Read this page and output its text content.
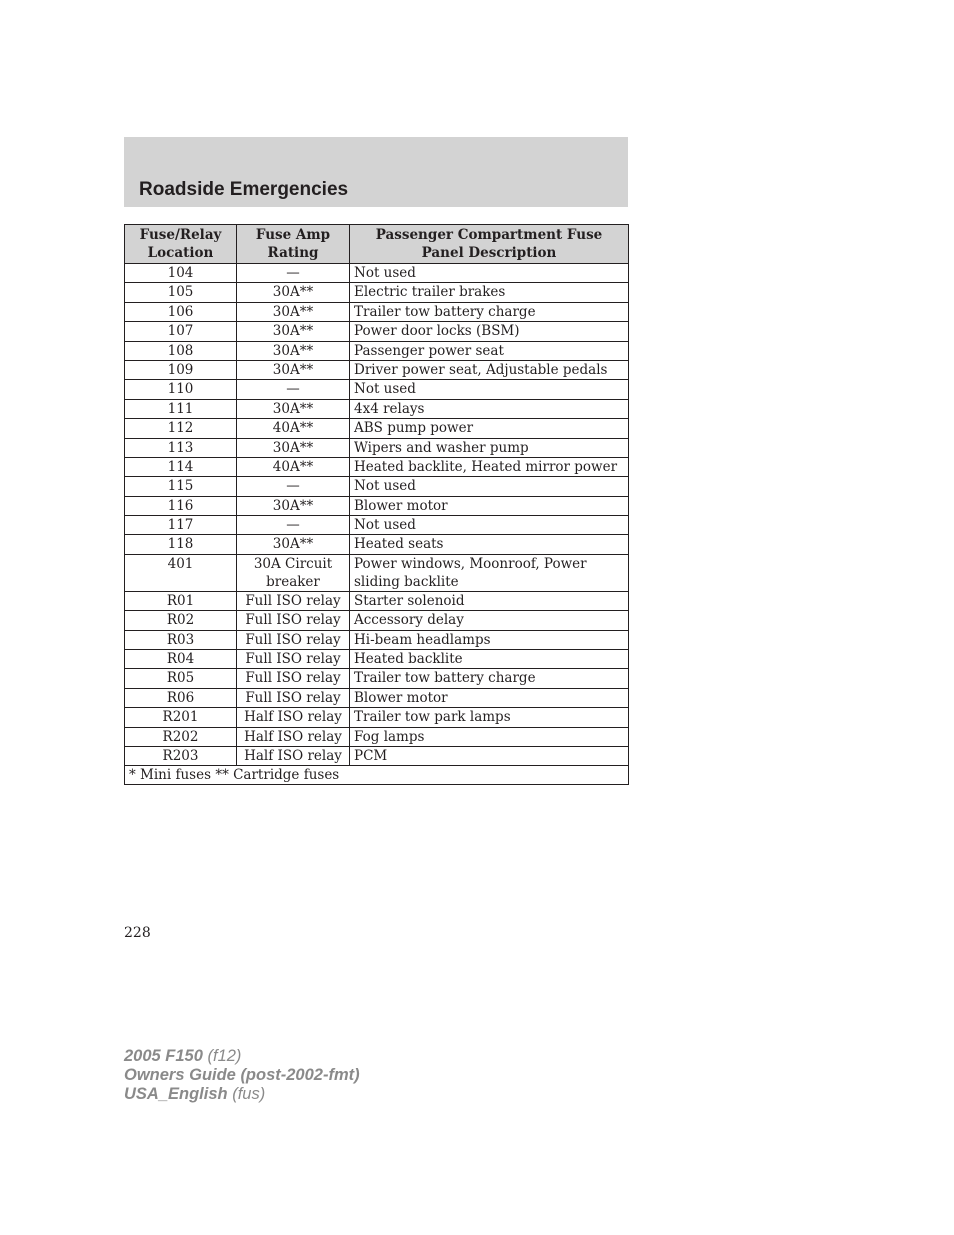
Roadside Emergencies
Fuse/Relay Location	Fuse Amp Rating	Passenger Compartment Fuse Panel Description
104	—	Not used
105	30A**	Electric trailer brakes
106	30A**	Trailer tow battery charge
107	30A**	Power door locks (BSM)
108	30A**	Passenger power seat
109	30A**	Driver power seat, Adjustable pedals
110	—	Not used
111	30A**	4x4 relays
112	40A**	ABS pump power
113	30A**	Wipers and washer pump
114	40A**	Heated backlite, Heated mirror power
115	—	Not used
116	30A**	Blower motor
117	—	Not used
118	30A**	Heated seats
401	30A Circuit breaker	Power windows, Moonroof, Power sliding backlite
R01	Full ISO relay	Starter solenoid
R02	Full ISO relay	Accessory delay
R03	Full ISO relay	Hi-beam headlamps
R04	Full ISO relay	Heated backlite
R05	Full ISO relay	Trailer tow battery charge
R06	Full ISO relay	Blower motor
R201	Half ISO relay	Trailer tow park lamps
R202	Half ISO relay	Fog lamps
R203	Half ISO relay	PCM
* Mini fuses ** Cartridge fuses		
228
2005 F150 (f12)
Owners Guide (post-2002-fmt)
USA_English (fus)
